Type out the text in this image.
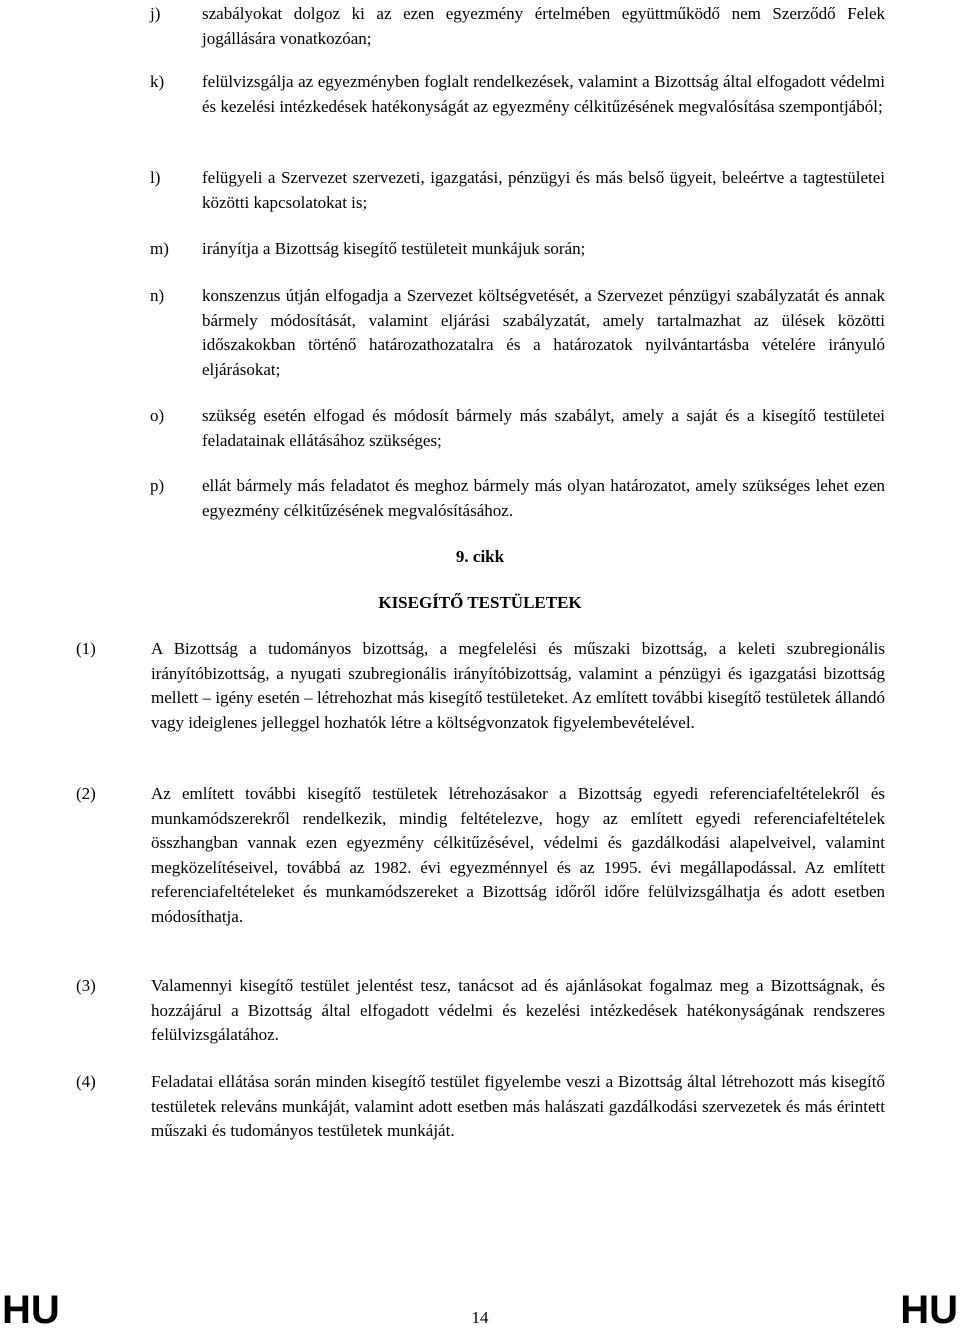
j) szabályokat dolgoz ki az ezen egyezmény értelmében együttműködő nem Szerződő Felek jogállására vonatkozóan;
k) felülvizsgálja az egyezményben foglalt rendelkezések, valamint a Bizottság által elfogadott védelmi és kezelési intézkedések hatékonyságát az egyezmény célkitűzésének megvalósítása szempontjából;
l) felügyeli a Szervezet szervezeti, igazgatási, pénzügyi és más belső ügyeit, beleértve a tagtestületei közötti kapcsolatokat is;
m) irányítja a Bizottság kisegítő testületeit munkájuk során;
n) konszenzus útján elfogadja a Szervezet költségvetését, a Szervezet pénzügyi szabályzatát és annak bármely módosítását, valamint eljárási szabályzatát, amely tartalmazhat az ülések közötti időszakokban történő határozathozatalra és a határozatok nyilvántartásba vételére irányuló eljárásokat;
o) szükség esetén elfogad és módosít bármely más szabályt, amely a saját és a kisegítő testületei feladatainak ellátásához szükséges;
p) ellát bármely más feladatot és meghoz bármely más olyan határozatot, amely szükséges lehet ezen egyezmény célkitűzésének megvalósításához.
9. cikk
KISEGÍTŐ TESTÜLETEK
(1)	A Bizottság a tudományos bizottság, a megfelelési és műszaki bizottság, a keleti szubregionális irányítóbizottság, a nyugati szubregionális irányítóbizottság, valamint a pénzügyi és igazgatási bizottság mellett – igény esetén – létrehozhat más kisegítő testületeket. Az említett további kisegítő testületek állandó vagy ideiglenes jelleggel hozhatók létre a költségvonzatok figyelembevételével.
(2)	Az említett további kisegítő testületek létrehozásakor a Bizottság egyedi referenciafeltételekről és munkamódszerekről rendelkezik, mindig feltételezve, hogy az említett egyedi referenciafeltételek összhangban vannak ezen egyezmény célkitűzésével, védelmi és gazdálkodási alapelveivel, valamint megközelítéseivel, továbbá az 1982. évi egyezménnyel és az 1995. évi megállapodással. Az említett referenciafeltételeket és munkamódszereket a Bizottság időről időre felülvizsgálhatja és adott esetben módosíthatja.
(3)	Valamennyi kisegítő testület jelentést tesz, tanácsot ad és ajánlásokat fogalmaz meg a Bizottságnak, és hozzájárul a Bizottság által elfogadott védelmi és kezelési intézkedések hatékonyságának rendszeres felülvizsgálatához.
(4)	Feladatai ellátása során minden kisegítő testület figyelembe veszi a Bizottság által létrehozott más kisegítő testületek releváns munkáját, valamint adott esetben más halászati gazdálkodási szervezetek és más érintett műszaki és tudományos testületek munkáját.
HU	14	HU
